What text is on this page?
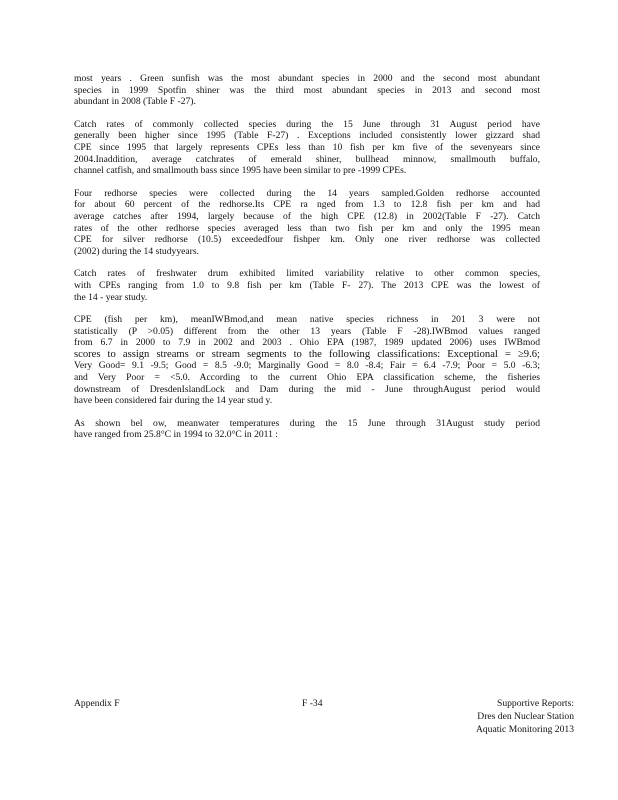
most years . Green sunfish was the most abundant species in 2000 and the second most abundant
species in 1999 Spotfin shiner was the third most abundant species in 2013 and second most
abundant in 2008 (Table F -27).

Catch rates of commonly collected species during the 15 June through 31 August period have
generally been higher since 1995 (Table F-27) . Exceptions included consistently lower gizzard shad
CPE since 1995 that largely represents CPEs less than 10 fish per km five of the sevenyears since
2004.Inaddition, average catchrates of emerald shiner, bullhead minnow, smallmouth buffalo,
channel catfish, and smallmouth bass since 1995 have been similar to pre -1999 CPEs.

Four redhorse species were collected during the 14 years sampled.Golden redhorse accounted
for about 60 percent of the redhorse.Its CPE ra nged from 1.3 to 12.8 fish per km and had
average catches after 1994, largely because of the high CPE (12.8) in 2002(Table F -27). Catch
rates of the other redhorse species averaged less than two fish per km and only the 1995 mean
CPE for silver redhorse (10.5) exceededfour fishper km. Only one river redhorse was collected
(2002) during the 14 studyyears.

Catch rates of freshwater drum exhibited limited variability relative to other common species,
with CPEs ranging from 1.0 to 9.8 fish per km (Table F- 27). The 2013 CPE was the lowest of
the 14 - year study.

CPE (fish per km), meanIWBmod,and mean native species richness in 201 3 were not
statistically (P >0.05) different from the other 13 years (Table F -28).IWBmod values ranged
from 6.7 in 2000 to 7.9 in 2002 and 2003 . Ohio EPA (1987, 1989 updated 2006) uses IWBmod
scores to assign streams or stream segments to the following classifications: Exceptional = ≥9.6;
Very Good= 9.1 -9.5; Good = 8.5 -9.0; Marginally Good = 8.0 -8.4; Fair = 6.4 -7.9; Poor = 5.0 -6.3;
and Very Poor = <5.0. According to the current Ohio EPA classification scheme, the fisheries
downstream of DresdenIslandLock and Dam during the mid - June throughAugust period would
have been considered fair during the 14 year stud y.

As shown bel ow, meanwater temperatures during the 15 June through 31August study period
have ranged from 25.8°C in 1994 to 32.0°C in 2011 :

Appendix F	F -34	Supportive Reports:
Dres den Nuclear Station
Aquatic Monitoring 2013
